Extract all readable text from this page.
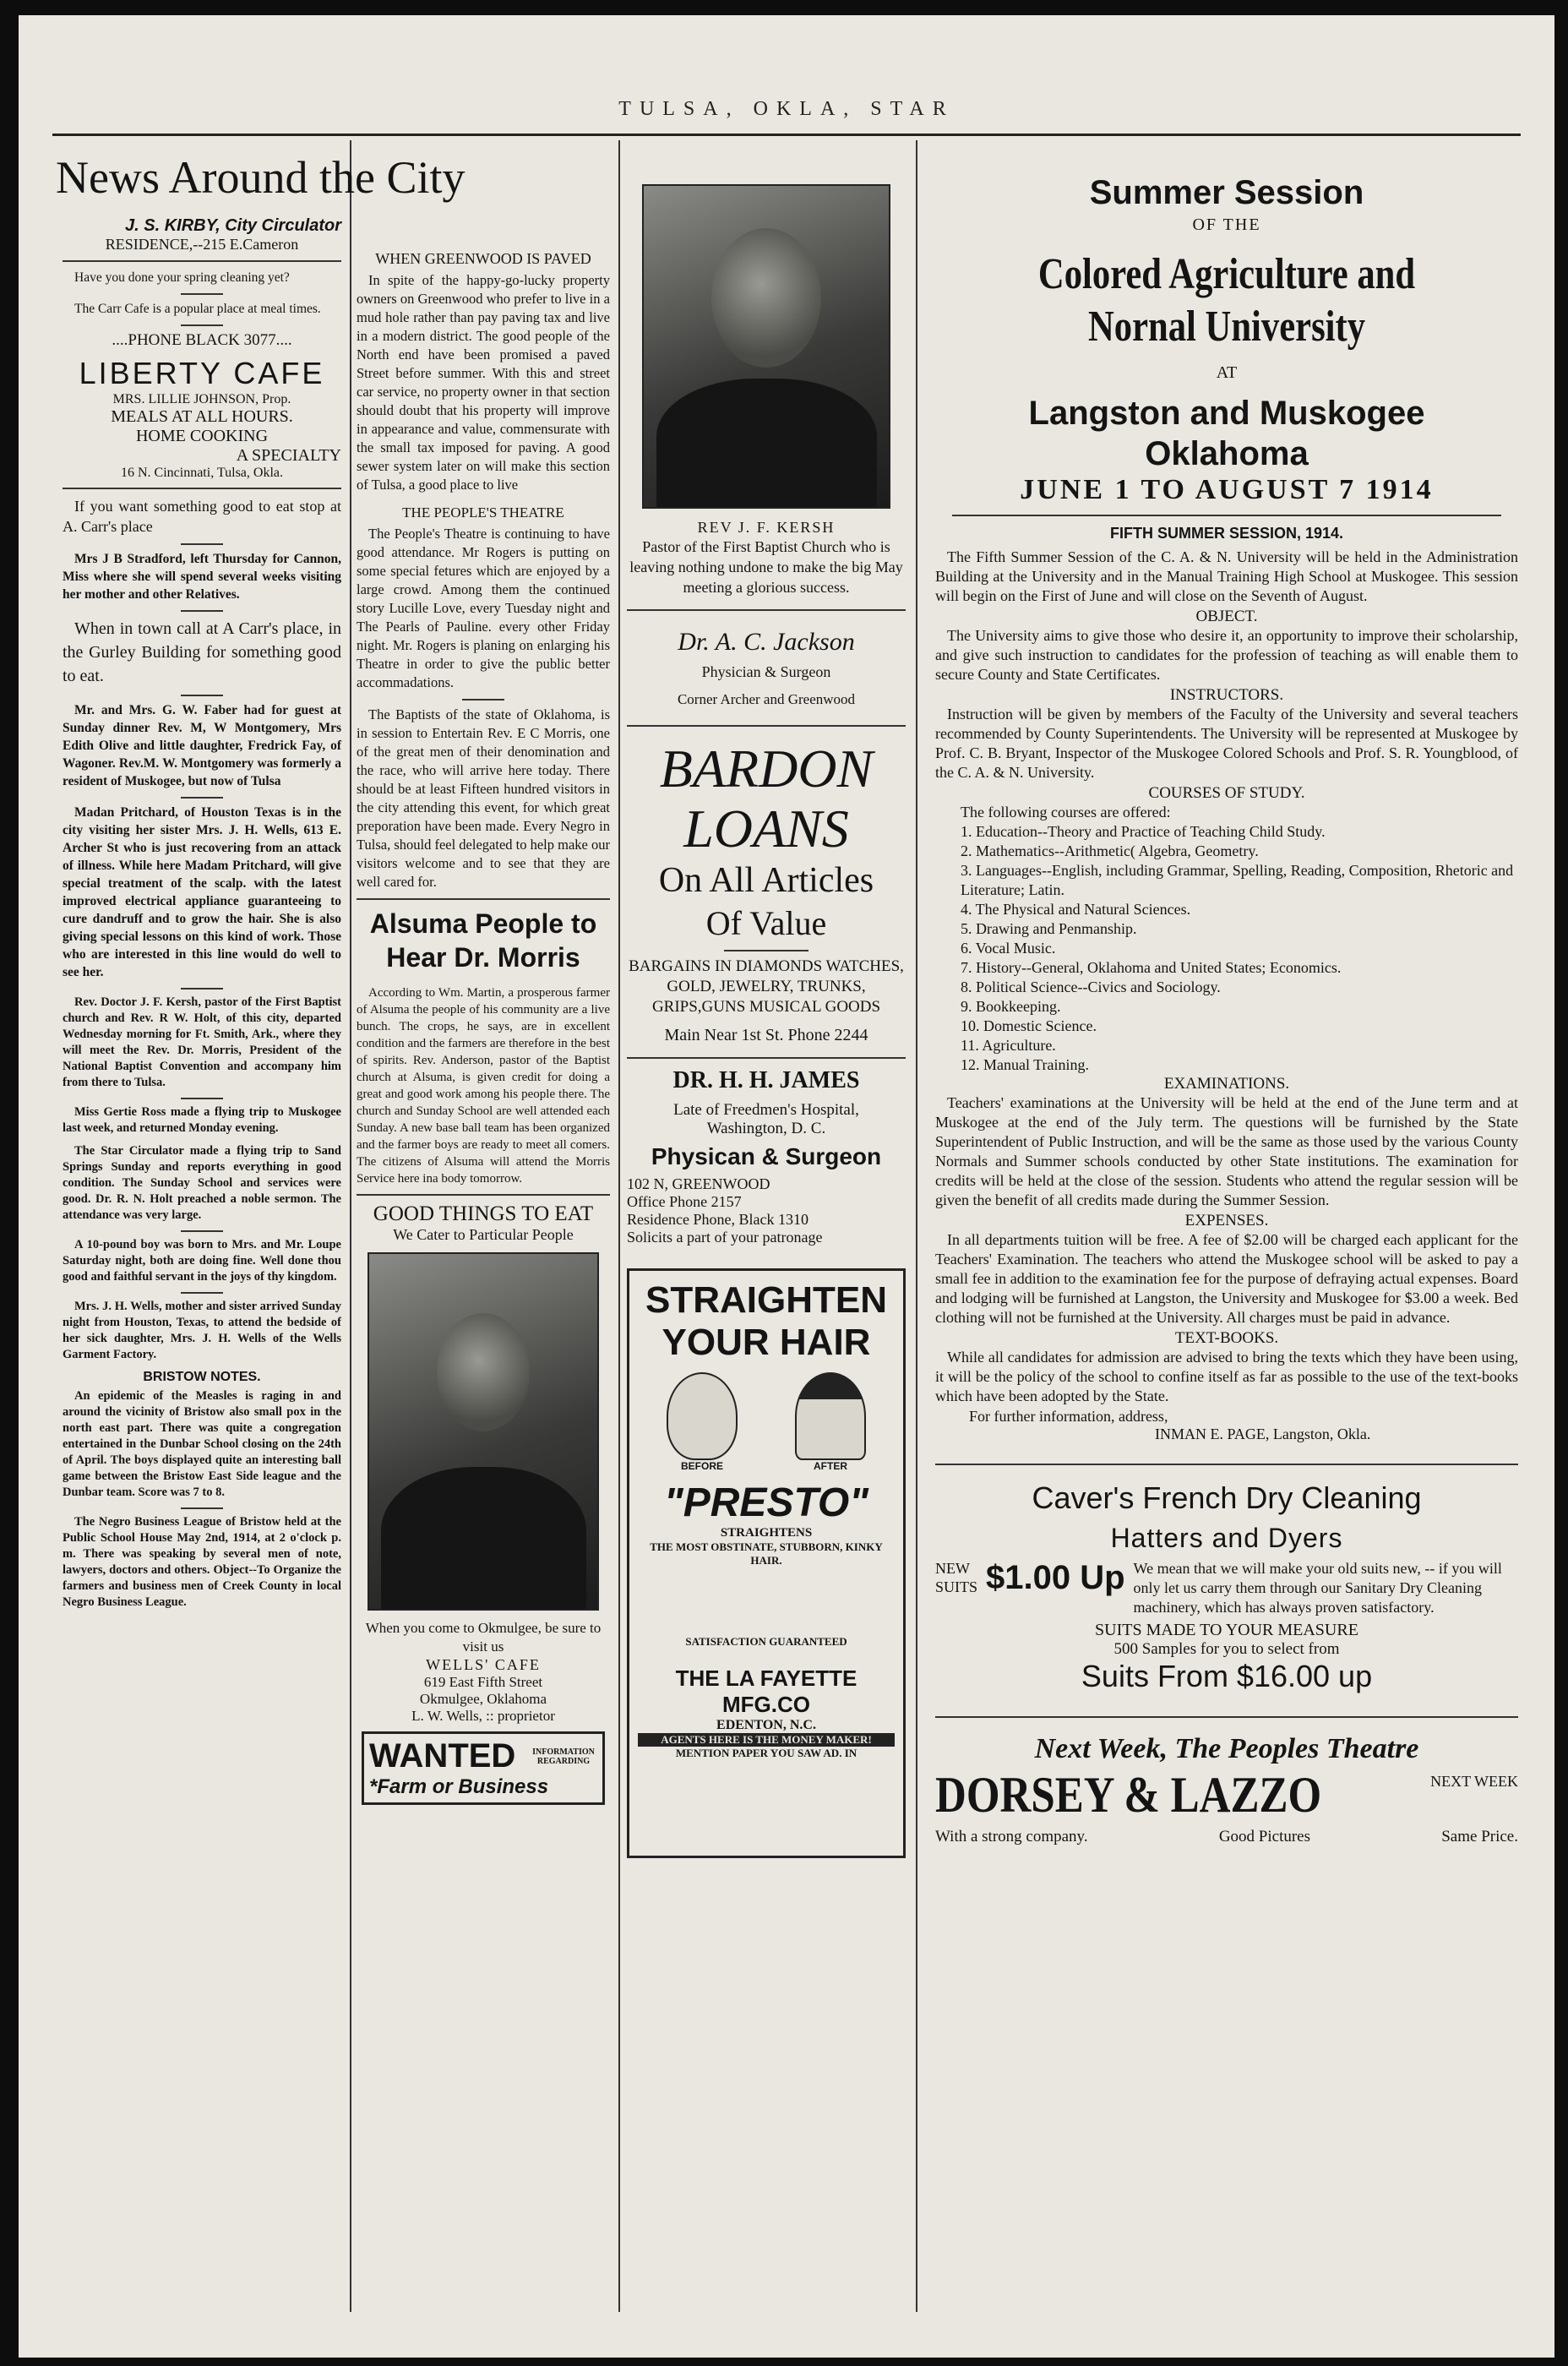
TULSA, OKLA, STAR
News Around the City
J. S. KIRBY, City Circulator
RESIDENCE,--215 E.Cameron

Have you done your spring cleaning yet?

The Carr Cafe is a popular place at meal times.

....PHONE BLACK 3077....
LIBERTY CAFE
MRS. LILLIE JOHNSON, Prop.
MEALS AT ALL HOURS.
HOME COOKING
A SPECIALTY
16 N. Cincinnati, Tulsa, Okla.

If you want something good to eat stop at A. Carr's place

Mrs J B Stradford, left Thursday for Cannon, Miss where she will spend several weeks visiting her mother and other Relatives.

When in town call at A Carr's place, in the Gurley Building for something good to eat.

Mr. and Mrs. G. W. Faber had for guest at Sunday dinner Rev. M, W Montgomery, Mrs Edith Olive and little daughter, Fredrick Fay, of Wagoner. Rev.M. W. Montgomery was formerly a resident of Muskogee, but now of Tulsa

Madan Pritchard, of Houston Texas is in the city visiting her sister Mrs. J. H. Wells, 613 E. Archer St who is just recovering from an attack of illness. While here Madam Pritchard, will give special treatment of the scalp. with the latest improved electrical appliance guaranteeing to cure dandruff and to grow the hair. She is also giving special lessons on this kind of work. Those who are interested in this line would do well to see her.

Rev. Doctor J. F. Kersh, pastor of the First Baptist church and Rev. R W. Holt, of this city, departed Wednesday morning for Ft. Smith, Ark., where they will meet the Rev. Dr. Morris, President of the National Baptist Convention and accompany him from there to Tulsa.

Miss Gertie Ross made a flying trip to Muskogee last week, and returned Monday evening.

The Star Circulator made a flying trip to Sand Springs Sunday and reports everything in good condition. The Sunday School and services were good. Dr. R. N. Holt preached a noble sermon. The attendance was very large.

A 10-pound boy was born to Mrs. and Mr. Loupe Saturday night, both are doing fine. Well done thou good and faithful servant in the joys of thy kingdom.

Mrs. J. H. Wells, mother and sister arrived Sunday night from Houston, Texas, to attend the bedside of her sick daughter, Mrs. J. H. Wells of the Wells Garment Factory.

BRISTOW NOTES.

An epidemic of the Measles is raging in and around the vicinity of Bristow also small pox in the north east part. There was quite a congregation entertained in the Dunbar School closing on the 24th of April. The boys displayed quite an interesting ball game between the Bristow East Side league and the Dunbar team. Score was 7 to 8.

The Negro Business League of Bristow held at the Public School House May 2nd, 1914, at 2 o'clock p. m. There was speaking by several men of note, lawyers, doctors and others. Object--To Organize the farmers and business men of Creek County in local Negro Business League.

WHEN GREENWOOD IS PAVED

In spite of the happy-go-lucky property owners on Greenwood who prefer to live in a mud hole rather than pay paving tax and live in a modern district. The good people of the North end have been promised a paved Street before summer. With this and street car service, no property owner in that section should doubt that his property will improve in appearance and value, commensurate with the small tax imposed for paving. A good sewer system later on will make this section of Tulsa, a good place to live

THE PEOPLE'S THEATRE

The People's Theatre is continuing to have good attendance. Mr Rogers is putting on some special fetures which are enjoyed by a large crowd. Among them the continued story Lucille Love, every Tuesday night and The Pearls of Pauline. every other Friday night. Mr. Rogers is planing on enlarging his Theatre in order to give the public better accommadations.

The Baptists of the state of Oklahoma, is in session to Entertain Rev. E C Morris, one of the great men of their denomination and the race, who will arrive here today. There should be at least Fifteen hundred visitors in the city attending this event, for which great preporation have been made. Every Negro in Tulsa, should feel delegated to help make our visitors welcome and to see that they are well cared for.

Alsuma People to Hear Dr. Morris

According to Wm. Martin, a prosperous farmer of Alsuma the people of his community are a live bunch. The crops, he says, are in excellent condition and the farmers are therefore in the best of spirits. Rev. Anderson, pastor of the Baptist church at Alsuma, is given credit for doing a great and good work among his people there. The church and Sunday School are well attended each Sunday. A new base ball team has been organized and the farmer boys are ready to meet all comers. The citizens of Alsuma will attend the Morris Service here ina body tomorrow.

GOOD THINGS TO EAT
We Cater to Particular People
When you come to Okmulgee, be sure to visit us
WELLS' CAFE
619 East Fifth Street
Okmulgee, Oklahoma
L. W. Wells, :: proprietor
WANTED	INFORMATION REGARDING
*Farm or Business
REV J. F. KERSH

Pastor of the First Baptist Church who is leaving nothing undone to make the big May meeting a glorious success.

Dr. A. C. Jackson
Physician & Surgeon
Corner Archer and Greenwood
BARDON
LOANS
On All Articles
Of Value
BARGAINS IN DIAMONDS WATCHES, GOLD, JEWELRY, TRUNKS, GRIPS,GUNS MUSICAL GOODS
Main Near 1st St. Phone 2244
DR. H. H. JAMES
Late of Freedmen's Hospital,
Washington, D. C.
Physican & Surgeon
102 N, GREENWOOD
Office Phone 2157
Residence Phone, Black 1310
Solicits a part of your patronage
STRAIGHTEN
YOUR HAIR
BEFORE	AFTER
"PRESTO"
STRAIGHTENS
THE MOST OBSTINATE, STUBBORN, KINKY HAIR.
SATISFACTION GUARANTEED
THE LA FAYETTE MFG.CO
EDENTON, N.C.
AGENTS HERE IS THE MONEY MAKER!
MENTION PAPER YOU SAW AD. IN
Summer Session
OF THE
Colored Agriculture and
Nornal University
AT
Langston and Muskogee
Oklahoma
JUNE 1 TO AUGUST 7 1914
FIFTH SUMMER SESSION, 1914.

The Fifth Summer Session of the C. A. & N. University will be held in the Administration Building at the University and in the Manual Training High School at Muskogee. This session will begin on the First of June and will close on the Seventh of August.

OBJECT.

The University aims to give those who desire it, an opportunity to improve their scholarship, and give such instruction to candidates for the profession of teaching as will enable them to secure County and State Certificates.

INSTRUCTORS.

Instruction will be given by members of the Faculty of the University and several teachers recommended by County Superintendents. The University will be represented at Muskogee by Prof. C. B. Bryant, Inspector of the Muskogee Colored Schools and Prof. S. R. Youngblood, of the C. A. & N. University.

COURSES OF STUDY.
The following courses are offered:
1. Education--Theory and Practice of Teaching Child Study.
2. Mathematics--Arithmetic( Algebra, Geometry.
3. Languages--English, including Grammar, Spelling, Reading, Composition, Rhetoric and Literature; Latin.
4. The Physical and Natural Sciences.
5. Drawing and Penmanship.
6. Vocal Music.
7. History--General, Oklahoma and United States; Economics.
8. Political Science--Civics and Sociology.
9. Bookkeeping.
10. Domestic Science.
11. Agriculture.
12. Manual Training.
EXAMINATIONS.

Teachers' examinations at the University will be held at the end of the June term and at Muskogee at the end of the July term. The questions will be furnished by the State Superintendent of Public Instruction, and will be the same as those used by the various County Normals and Summer schools conducted by other State institutions. The examination for credits will be held at the close of the session. Students who attend the regular session will be given the benefit of all credits made during the Summer Session.

EXPENSES.

In all departments tuition will be free. A fee of $2.00 will be charged each applicant for the Teachers' Examination. The teachers who attend the Muskogee school will be asked to pay a small fee in addition to the examination fee for the purpose of defraying actual expenses. Board and lodging will be furnished at Langston, the University and Muskogee for $3.00 a week. Bed clothing will not be furnished at the University. All charges must be paid in advance.

TEXT-BOOKS.

While all candidates for admission are advised to bring the texts which they have been using, it will be the policy of the school to confine itself as far as possible to the use of the text-books which have been adopted by the State.

For further information, address,
INMAN E. PAGE, Langston, Okla.
Caver's French Dry Cleaning
Hatters and Dyers
NEW SUITS $1.00 Up We mean that we will make your old suits new, -- if you will only let us carry them through our Sanitary Dry Cleaning machinery, which has always proven satisfactory.
SUITS MADE TO YOUR MEASURE
500 Samples for you to select from
Suits From $16.00 up
Next Week, The Peoples Theatre
DORSEY & LAZZO	NEXT WEEK
With a strong company.	Good Pictures	Same Price.
